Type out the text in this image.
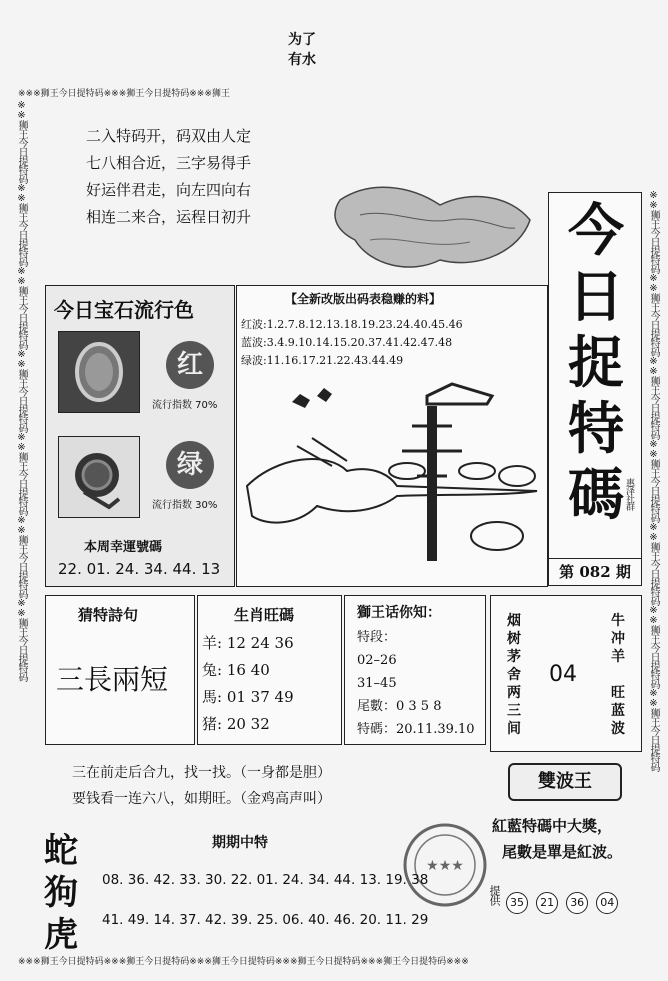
为了
有水
※※※狮王今日提特码※※※狮王今日提特码※※※狮王
※※狮王今日提特码※※狮王今日提特码※※狮王今日提特码※※狮王今日提特码※※狮王今日提特码※※狮王今日提特码※※狮王今日提特码	※※狮王今日提特码※※狮王今日提特码※※狮王今日提特码※※狮王今日提特码※※狮王今日提特码※※狮王今日提特码※※狮王今日提特码
二入特码开，码双由人定
七八相合近，三字易得手
好运伴君走，向左四向右
相连二来合，运程日初升	今日捉特碼 惠泽社群
第 082 期
今日宝石流行色
红
流行指数 70%
绿
流行指数 30%
本周幸運號碼
22. 01. 24. 34. 44. 13
【全新改版出码表稳赚的料】
红波:1.2.7.8.12.13.18.19.23.24.40.45.46
蓝波:3.4.9.10.14.15.20.37.41.42.47.48
绿波:11.16.17.21.22.43.44.49
猜特詩句
三長兩短
生肖旺碼
羊: 12 24 36
兔: 16 40
馬: 01 37 49
猪: 20 32
獅王话你知：
特段：
02–26
31–45
尾數：0 3 5 8
特碼：20.11.39.10
烟
树
茅
舍
两
三
间
04
牛
冲
羊
旺
蓝
波
三在前走后合九，找一找。（一身都是胆）
要钱看一连六八，如期旺。（金鸡高声叫）
雙波王
紅藍特碼中大獎，
尾數是單是紅波。
提供 35 21 36 04
★★★
蛇
狗
虎
期期中特
08. 36. 42. 33. 30. 22. 01. 24. 34. 44. 13. 19. 38
41. 49. 14. 37. 42. 39. 25. 06. 40. 46. 20. 11. 29
※※※狮王今日提特码※※※狮王今日提特码※※※狮王今日提特码※※※狮王今日提特码※※※狮王今日提特码※※※
